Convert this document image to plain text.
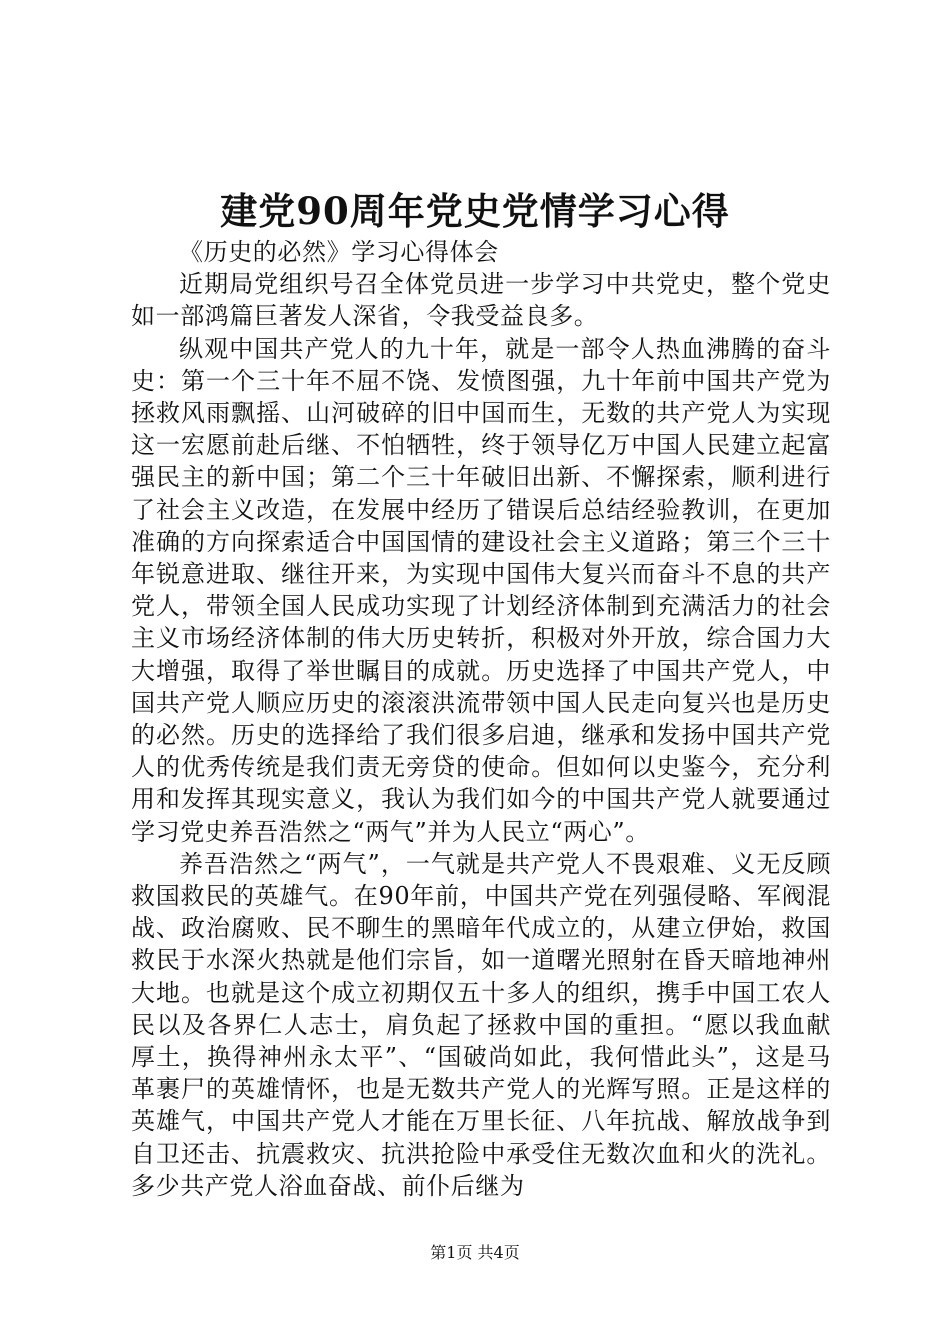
建党90周年党史党情学习心得

《历史的必然》学习心得体会

近期局党组织号召全体党员进一步学习中共党史，整个党史如一部鸿篇巨著发人深省，令我受益良多。

纵观中国共产党人的九十年，就是一部令人热血沸腾的奋斗史：第一个三十年不屈不饶、发愤图强，九十年前中国共产党为拯救风雨飘摇、山河破碎的旧中国而生，无数的共产党人为实现这一宏愿前赴后继、不怕牺牲，终于领导亿万中国人民建立起富强民主的新中国；第二个三十年破旧出新、不懈探索，顺利进行了社会主义改造，在发展中经历了错误后总结经验教训，在更加准确的方向探索适合中国国情的建设社会主义道路；第三个三十年锐意进取、继往开来，为实现中国伟大复兴而奋斗不息的共产党人，带领全国人民成功实现了计划经济体制到充满活力的社会主义市场经济体制的伟大历史转折，积极对外开放，综合国力大大增强，取得了举世瞩目的成就。历史选择了中国共产党人，中国共产党人顺应历史的滚滚洪流带领中国人民走向复兴也是历史的必然。历史的选择给了我们很多启迪，继承和发扬中国共产党人的优秀传统是我们责无旁贷的使命。但如何以史鉴今，充分利用和发挥其现实意义，我认为我们如今的中国共产党人就要通过学习党史养吾浩然之“两气”并为人民立“两心”。

养吾浩然之“两气”，一气就是共产党人不畏艰难、义无反顾救国救民的英雄气。在90年前，中国共产党在列强侵略、军阀混战、政治腐败、民不聊生的黑暗年代成立的，从建立伊始，救国救民于水深火热就是他们宗旨，如一道曙光照射在昏天暗地神州大地。也就是这个成立初期仅五十多人的组织，携手中国工农人民以及各界仁人志士，肩负起了拯救中国的重担。“愿以我血献厚土，换得神州永太平”、“国破尚如此，我何惜此头”，这是马革裹尸的英雄情怀，也是无数共产党人的光辉写照。正是这样的英雄气，中国共产党人才能在万里长征、八年抗战、解放战争到自卫还击、抗震救灾、抗洪抢险中承受住无数次血和火的洗礼。多少共产党人浴血奋战、前仆后继为

第1页 共4页
